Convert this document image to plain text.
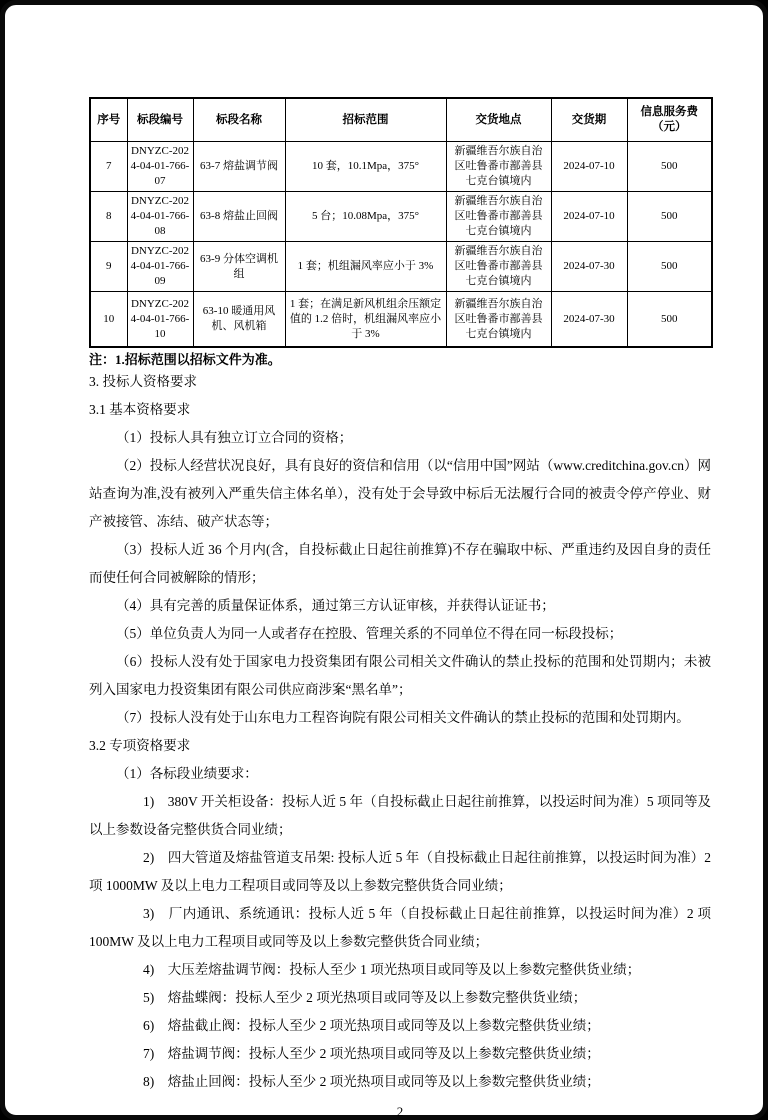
序号	标段编号	标段名称	招标范围	交货地点	交货期	信息服务费
（元）

7	DNYZC-2024-04-01-766-07	63-7 熔盐调节阀	10 套，10.1Mpa，375°	新疆维吾尔族自治区吐鲁番市鄯善县七克台镇境内	2024-07-10	500
8	DNYZC-2024-04-01-766-08	63-8 熔盐止回阀	5 台；10.08Mpa，375°	新疆维吾尔族自治区吐鲁番市鄯善县七克台镇境内	2024-07-10	500
9	DNYZC-2024-04-01-766-09	63-9 分体空调机组	1 套；机组漏风率应小于 3%	新疆维吾尔族自治区吐鲁番市鄯善县七克台镇境内	2024-07-30	500
10	DNYZC-2024-04-01-766-10	63-10 暖通用风机、风机箱	1 套；在满足新风机组余压额定值的 1.2 倍时，机组漏风率应小于 3%	新疆维吾尔族自治区吐鲁番市鄯善县七克台镇境内	2024-07-30	500
注：1.招标范围以招标文件为准。

3. 投标人资格要求

3.1 基本资格要求

（1）投标人具有独立订立合同的资格；

（2）投标人经营状况良好，具有良好的资信和信用（以“信用中国”网站（www.creditchina.gov.cn）网站查询为准,没有被列入严重失信主体名单），没有处于会导致中标后无法履行合同的被责令停产停业、财产被接管、冻结、破产状态等；

（3）投标人近 36 个月内(含，自投标截止日起往前推算)不存在骗取中标、严重违约及因自身的责任而使任何合同被解除的情形；

（4）具有完善的质量保证体系，通过第三方认证审核，并获得认证证书；

（5）单位负责人为同一人或者存在控股、管理关系的不同单位不得在同一标段投标；

（6）投标人没有处于国家电力投资集团有限公司相关文件确认的禁止投标的范围和处罚期内；未被列入国家电力投资集团有限公司供应商涉案“黑名单”；

（7）投标人没有处于山东电力工程咨询院有限公司相关文件确认的禁止投标的范围和处罚期内。

3.2 专项资格要求

（1）各标段业绩要求：

1)　380V 开关柜设备：投标人近 5 年（自投标截止日起往前推算，以投运时间为准）5 项同等及以上参数设备完整供货合同业绩；

2)　四大管道及熔盐管道支吊架: 投标人近 5 年（自投标截止日起往前推算，以投运时间为准）2 项 1000MW 及以上电力工程项目或同等及以上参数完整供货合同业绩；

3)　厂内通讯、系统通讯：投标人近 5 年（自投标截止日起往前推算，以投运时间为准）2 项 100MW 及以上电力工程项目或同等及以上参数完整供货合同业绩；

4)　大压差熔盐调节阀：投标人至少 1 项光热项目或同等及以上参数完整供货业绩；

5)　熔盐蝶阀：投标人至少 2 项光热项目或同等及以上参数完整供货业绩；

6)　熔盐截止阀：投标人至少 2 项光热项目或同等及以上参数完整供货业绩；

7)　熔盐调节阀：投标人至少 2 项光热项目或同等及以上参数完整供货业绩；

8)　熔盐止回阀：投标人至少 2 项光热项目或同等及以上参数完整供货业绩；

2
